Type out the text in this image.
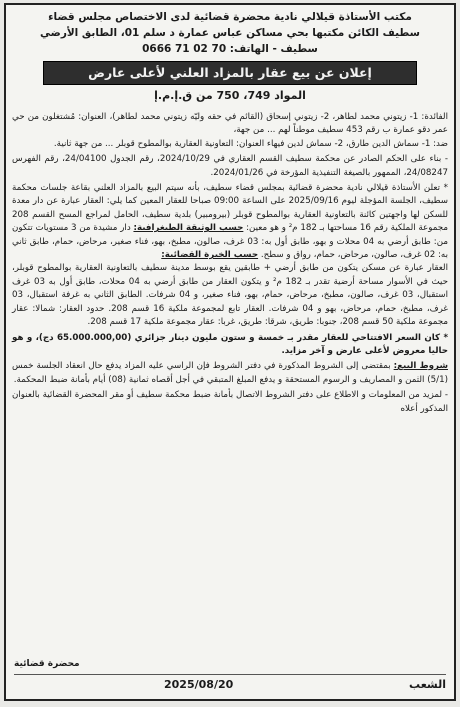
مكتب الأستاذة قيلالي نادية محضرة قضائية لدى الاختصاص مجلس قضاء
سطيف الكائن مكتبها بحي مساكن عباس عمارة د سلم 01، الطابق الأرضي
سطيف - الهاتف: 0666 71 02 70
إعلان عن بيع عقار بالمزاد العلني لأعلى عارض
المواد 749، 750 من ق.إ.م.إ

الفائدة: 1- زيتوني محمد لطاهر، 2- زيتوني إسحاق (القائم في حقه وليّه زيتوني محمد لطاهر)، العنوان: مُشتغلون من حي عمر دقو عمارة ب رقم 453 سطيف موطناً لهم ... من جهة،

ضد: 1- سماش الدين طارق، 2- سماش لدين فيهاء العنوان: التعاونية العقارية بوالمطوح قوبلر ... من جهة ثانية.

- بناء على الحكم الصادر عن محكمة سطيف القسم العقاري في 2024/10/29، رقم الجدول 24/04100، رقم الفهرس 24/08247، الممهور بالصيغة التنفيذية المؤرخة في 2024/01/26.

* تعلن الأستاذة قيلالي نادية محضرة قضائية بمجلس قضاء سطيف، بأنه سيتم البيع بالمزاد العلني بقاعة جلسات محكمة سطيف، الجلسة المؤجلة ليوم 2025/09/16 على الساعة 09:00 صباحا للعقار المعين كما يلي: العقار عبارة عن دار معدة للسكن لها واجهتين كائنة بالتعاونية العقارية بوالمطوح قوبلر (بيرومبير) بلدية سطيف، الحامل لمراجع المسح القسم 208 مجموعة الملكية رقم 16 مساحتها بـ 182 م² و هو معين: حسب الوثيقة الطبغرافية: دار مشيدة من 3 مستويات تتكون من: طابق أرضي به 04 محلات و بهو، طابق أول به: 03 غرف، صالون، مطبخ، بهو، فناء صغير، مرحاض، حمام، طابق ثاني به: 02 غرف، صالون، مرحاض، حمام، رواق و سطح. حسب الخبرة القضائية:

العقار عبارة عن مسكن يتكون من طابق أرضي + طابقين يقع بوسط مدينة سطيف بالتعاونية العقارية بوالمطوح قوبلر، حيث في الأسوار مساحة أرضية تقدر بـ 182 م² و يتكون العقار من طابق أرضي به 04 محلات، طابق أول به 03 غرف استقبال، 03 غرف، صالون، مطبخ، مرحاض، حمام، بهو، فناء صغير، و 04 شرفات. الطابق الثاني به غرفة استقبال، 03 غرف، مطبخ، حمام، مرحاض، بهو و 04 شرفات. العقار تابع لمجموعة ملكية 16 قسم 208. حدود العقار: شمالا: عقار مجموعة ملكية 50 قسم 208، جنوبا: طريق، شرقا: طريق، غربا: عقار مجموعة ملكية 17 قسم 208.

* كان السعر الافتتاحي للعقار مقدر بـ خمسة و ستون مليون دينار جزائري (65.000.000,00 دج)، و هو حاليا معروض لأعلى عارض و آخر مزايد.

شروط البيع: بمقتضى إلى الشروط المذكورة في دفتر الشروط فإن الراسي عليه المزاد يدفع حال انعقاد الجلسة خمس (5/1) الثمن و المصاريف و الرسوم المستحقة و يدفع المبلغ المتبقي في أجل أقصاه ثمانية (08) أيام بأمانة ضبط المحكمة.

- لمزيد من المعلومات و الاطلاع على دفتر الشروط الاتصال بأمانة ضبط محكمة سطيف أو مقر المحضرة القضائية بالعنوان المذكور أعلاه

محضرة قضائية
الشعب
2025/08/20
